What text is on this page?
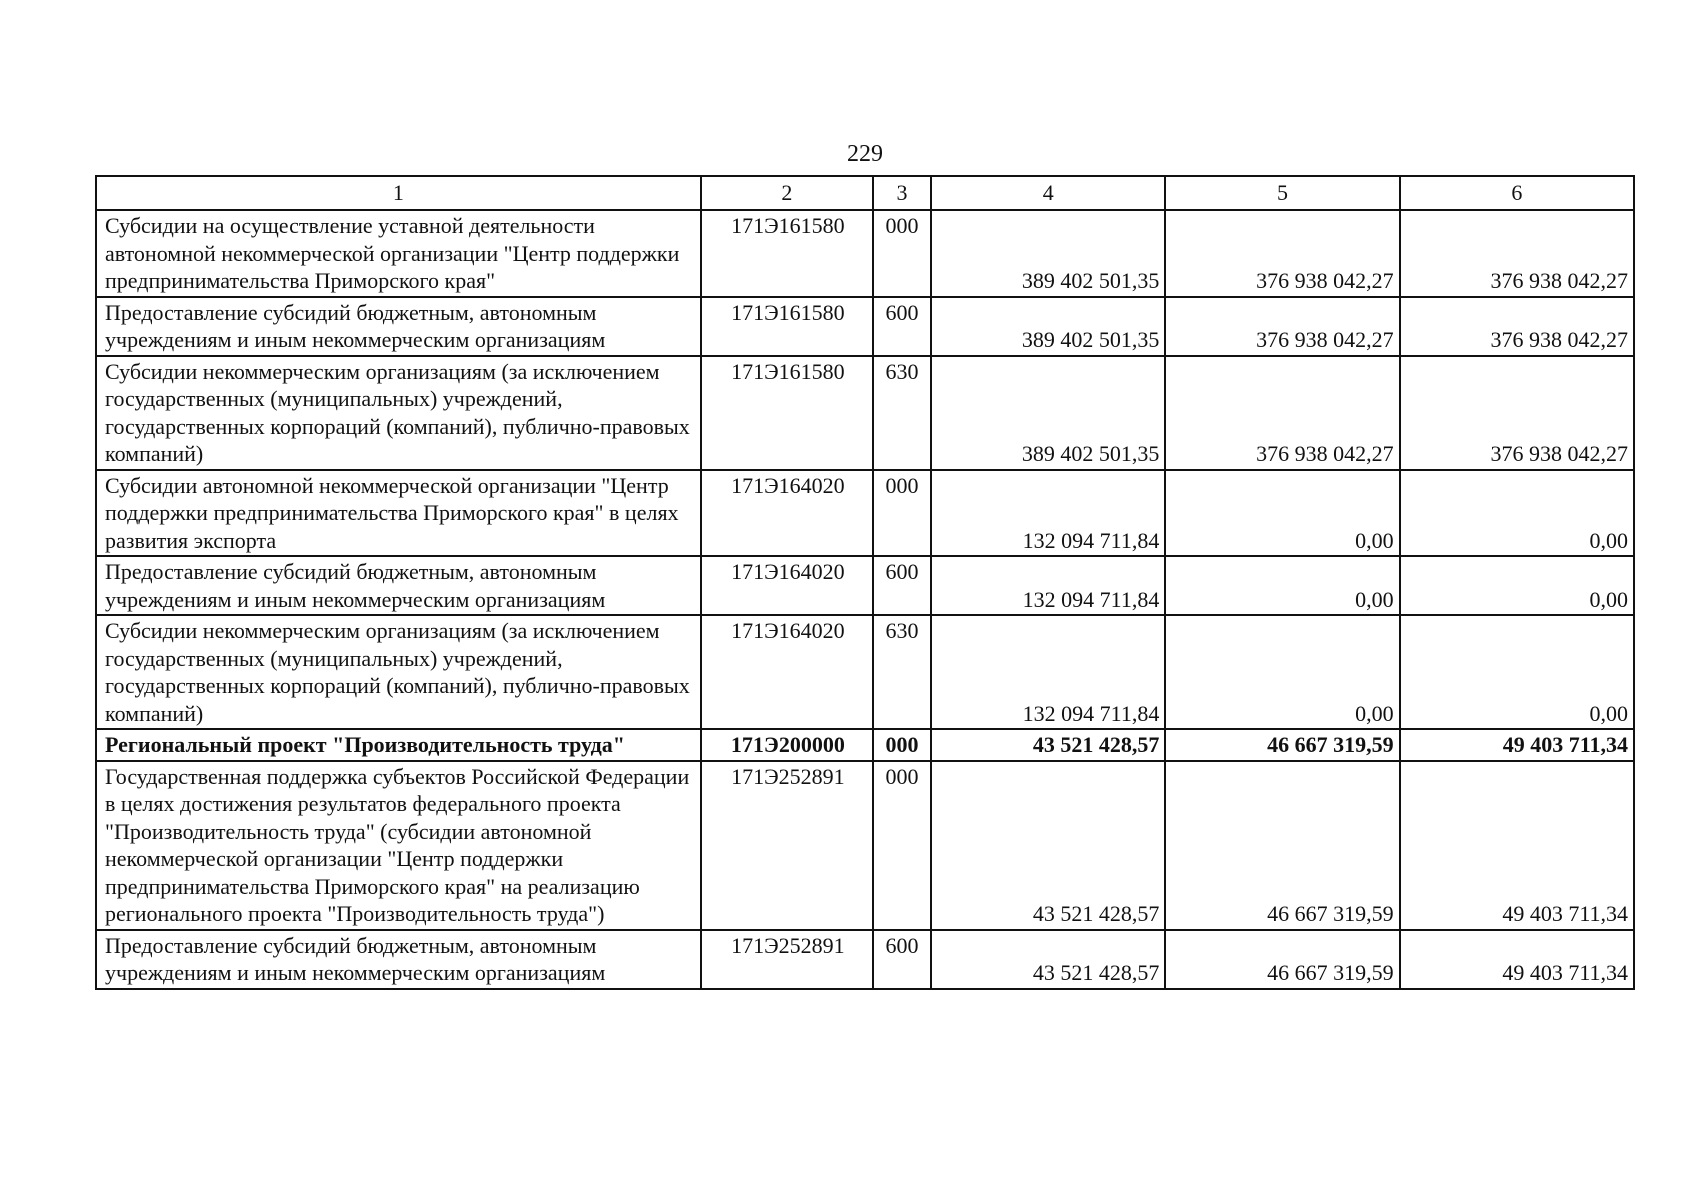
229
1	2	3	4	5	6
Субсидии на осуществление уставной деятельности автономной некоммерческой организации "Центр поддержки предпринимательства Приморского края"	171Э161580	000	389 402 501,35	376 938 042,27	376 938 042,27
Предоставление субсидий бюджетным, автономным учреждениям и иным некоммерческим организациям	171Э161580	600	389 402 501,35	376 938 042,27	376 938 042,27
Субсидии некоммерческим организациям (за исключением государственных (муниципальных) учреждений, государственных корпораций (компаний), публично-правовых компаний)	171Э161580	630	389 402 501,35	376 938 042,27	376 938 042,27
Субсидии автономной некоммерческой организации "Центр поддержки предпринимательства Приморского края" в целях развития экспорта	171Э164020	000	132 094 711,84	0,00	0,00
Предоставление субсидий бюджетным, автономным учреждениям и иным некоммерческим организациям	171Э164020	600	132 094 711,84	0,00	0,00
Субсидии некоммерческим организациям (за исключением государственных (муниципальных) учреждений, государственных корпораций (компаний), публично-правовых компаний)	171Э164020	630	132 094 711,84	0,00	0,00
Региональный проект "Производительность труда"	171Э200000	000	43 521 428,57	46 667 319,59	49 403 711,34
Государственная поддержка субъектов Российской Федерации в целях достижения результатов федерального проекта "Производительность труда" (субсидии автономной некоммерческой организации "Центр поддержки предпринимательства Приморского края" на реализацию регионального проекта "Производительность труда")	171Э252891	000	43 521 428,57	46 667 319,59	49 403 711,34
Предоставление субсидий бюджетным, автономным учреждениям и иным некоммерческим организациям	171Э252891	600	43 521 428,57	46 667 319,59	49 403 711,34
